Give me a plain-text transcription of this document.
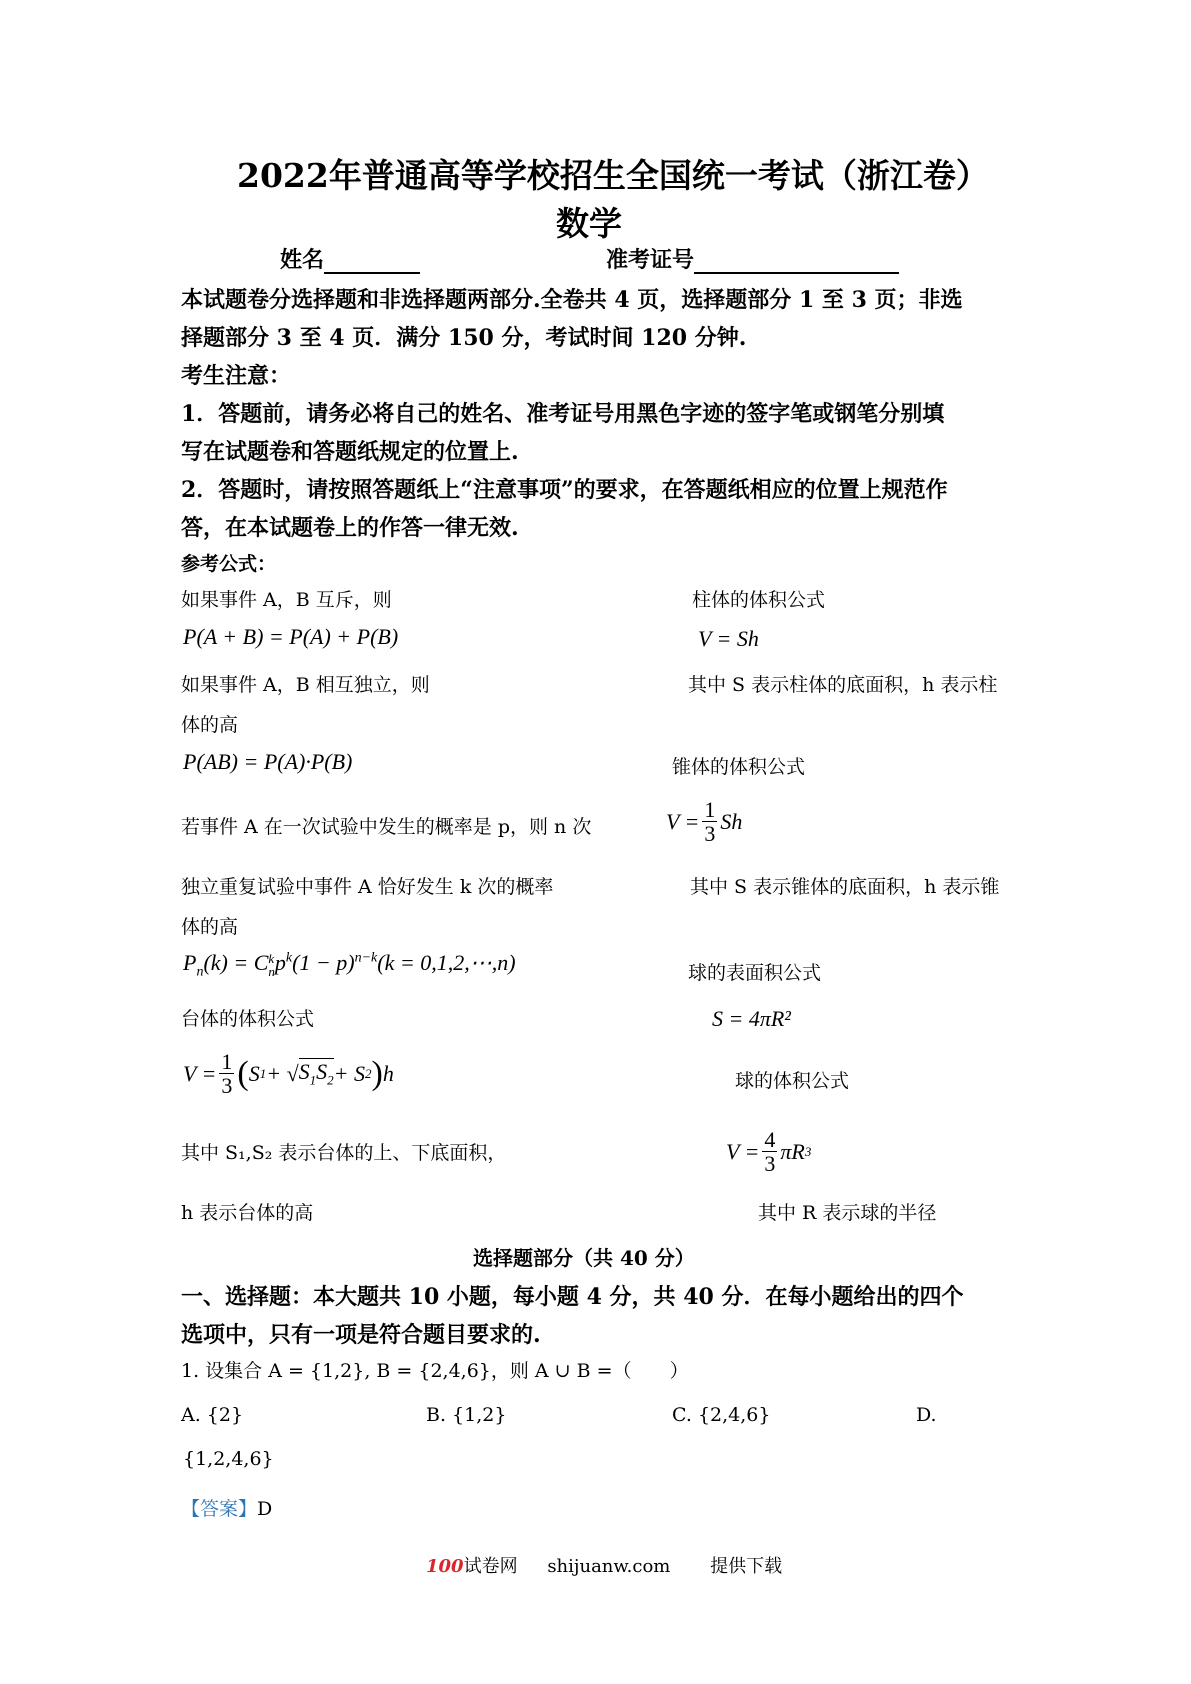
2022年普通高等学校招生全国统一考试（浙江卷）
数学
姓名	准考证号
本试题卷分选择题和非选择题两部分.全卷共 4 页，选择题部分 1 至 3 页；非选
择题部分 3 至 4 页．满分 150 分，考试时间 120 分钟.
考生注意：
1．答题前，请务必将自己的姓名、准考证号用黑色字迹的签字笔或钢笔分别填
写在试题卷和答题纸规定的位置上.
2．答题时，请按照答题纸上“注意事项”的要求，在答题纸相应的位置上规范作
答，在本试题卷上的作答一律无效.
参考公式：
如果事件 A，B 互斥，则
P(A + B) = P(A) + P(B)
如果事件 A，B 相互独立，则
体的高
P(AB) = P(A)·P(B)
若事件 A 在一次试验中发生的概率是 p，则 n 次
独立重复试验中事件 A 恰好发生 k 次的概率
体的高
$P_n(k) = C$ k
n $p^k(1 - p)^{n-k}(k$ = 0,1,2,⋯,n)
台体的体积公式
$V = \frac{1}{3}$ ( S 1 + √ $S_1S_2 + S$ 2 ) h
其中 S₁,S₂ 表示台体的上、下底面积，
h 表示台体的高
柱体的体积公式
V = Sh
其中 S 表示柱体的底面积，h 表示柱
锥体的体积公式
$V = \frac{1}{3}$ Sh
其中 S 表示锥体的底面积，h 表示锥
球的表面积公式
S = 4πR²
球的体积公式
$V = \frac{4}{3}$ πR 3
其中 R 表示球的半径
选择题部分（共 40 分）
一、选择题：本大题共 10 小题，每小题 4 分，共 40 分．在每小题给出的四个
选项中，只有一项是符合题目要求的.
1. 设集合 A = {1,2}, B = {2,4,6}，则 A ∪ B =（　　）
A. {2}	B. {1,2}	C. {2,4,6}	D.
{1,2,4,6}
【答案】D
100试卷网 shijuanw.com 提供下载
